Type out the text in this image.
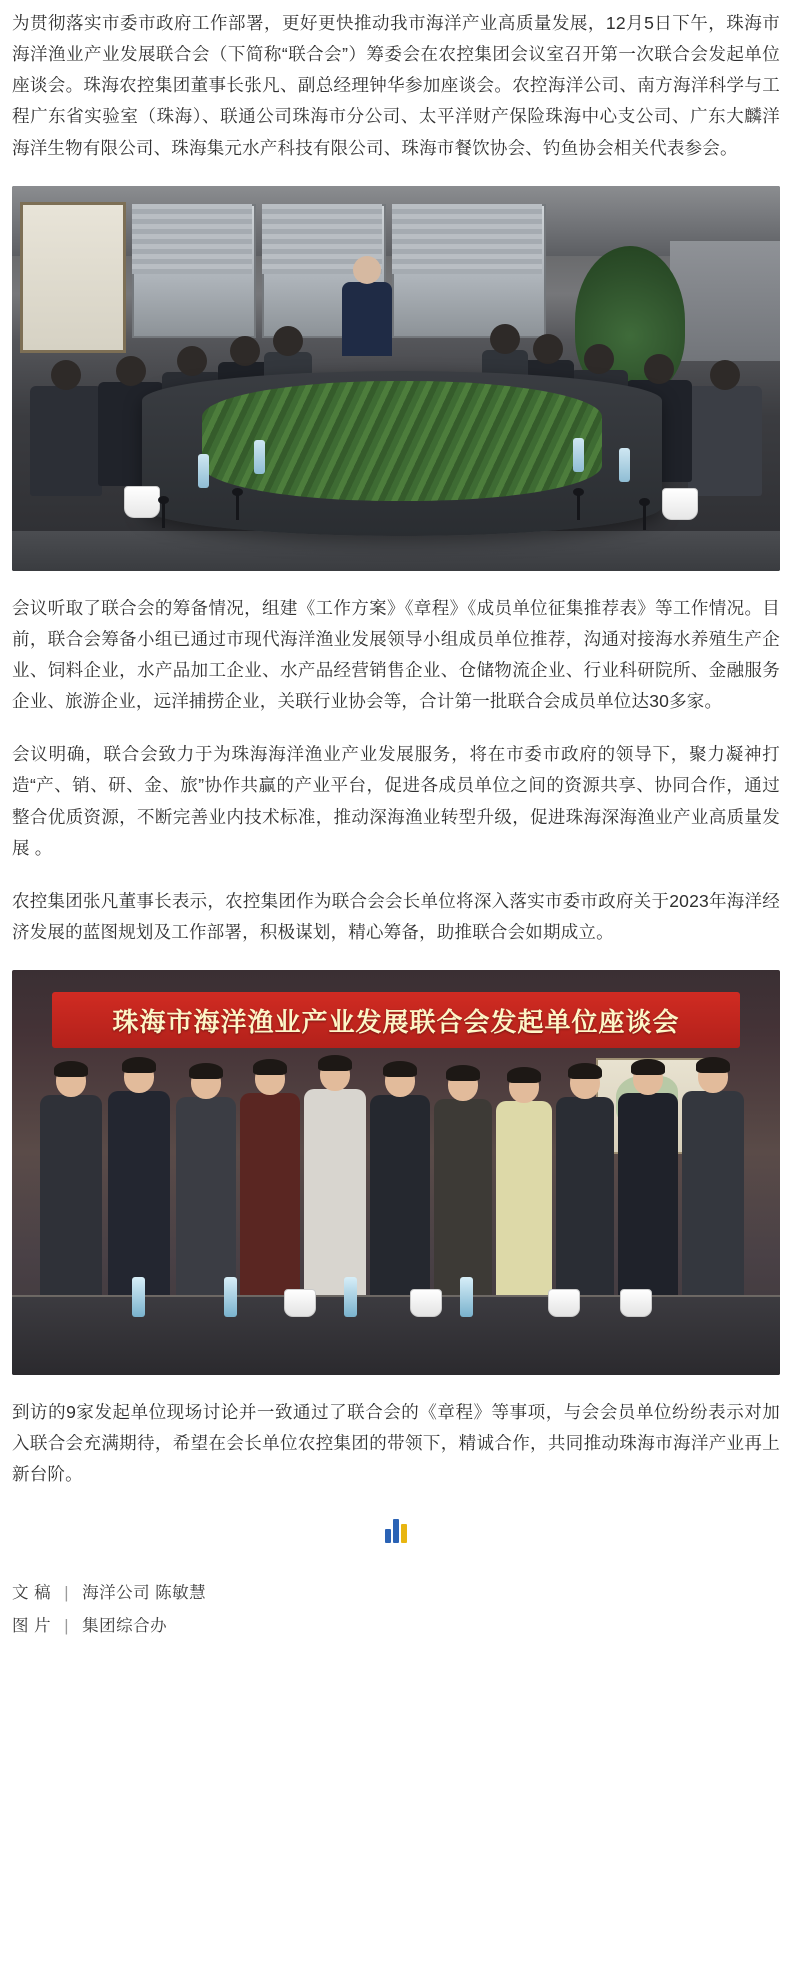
为贯彻落实市委市政府工作部署，更好更快推动我市海洋产业高质量发展，12月5日下午，珠海市海洋渔业产业发展联合会（下简称“联合会”）筹委会在农控集团会议室召开第一次联合会发起单位座谈会。珠海农控集团董事长张凡、副总经理钟华参加座谈会。农控海洋公司、南方海洋科学与工程广东省实验室（珠海）、联通公司珠海市分公司、太平洋财产保险珠海中心支公司、广东大麟洋海洋生物有限公司、珠海集元水产科技有限公司、珠海市餐饮协会、钓鱼协会相关代表参会。

会议听取了联合会的筹备情况，组建《工作方案》《章程》《成员单位征集推荐表》等工作情况。目前，联合会筹备小组已通过市现代海洋渔业发展领导小组成员单位推荐，沟通对接海水养殖生产企业、饲料企业，水产品加工企业、水产品经营销售企业、仓储物流企业、行业科研院所、金融服务企业、旅游企业，远洋捕捞企业，关联行业协会等，合计第一批联合会成员单位达30多家。

会议明确，联合会致力于为珠海海洋渔业产业发展服务，将在市委市政府的领导下，聚力凝神打造“产、销、研、金、旅”协作共赢的产业平台，促进各成员单位之间的资源共享、协同合作，通过整合优质资源，不断完善业内技术标准，推动深海渔业转型升级，促进珠海深海渔业产业高质量发展 。

农控集团张凡董事长表示，农控集团作为联合会会长单位将深入落实市委市政府关于2023年海洋经济发展的蓝图规划及工作部署，积极谋划，精心筹备，助推联合会如期成立。

珠海市海洋渔业产业发展联合会发起单位座谈会

到访的9家发起单位现场讨论并一致通过了联合会的《章程》等事项，与会会员单位纷纷表示对加入联合会充满期待，希望在会长单位农控集团的带领下，精诚合作，共同推动珠海市海洋产业再上新台阶。

文 稿 | 海洋公司 陈敏慧
图 片 | 集团综合办
